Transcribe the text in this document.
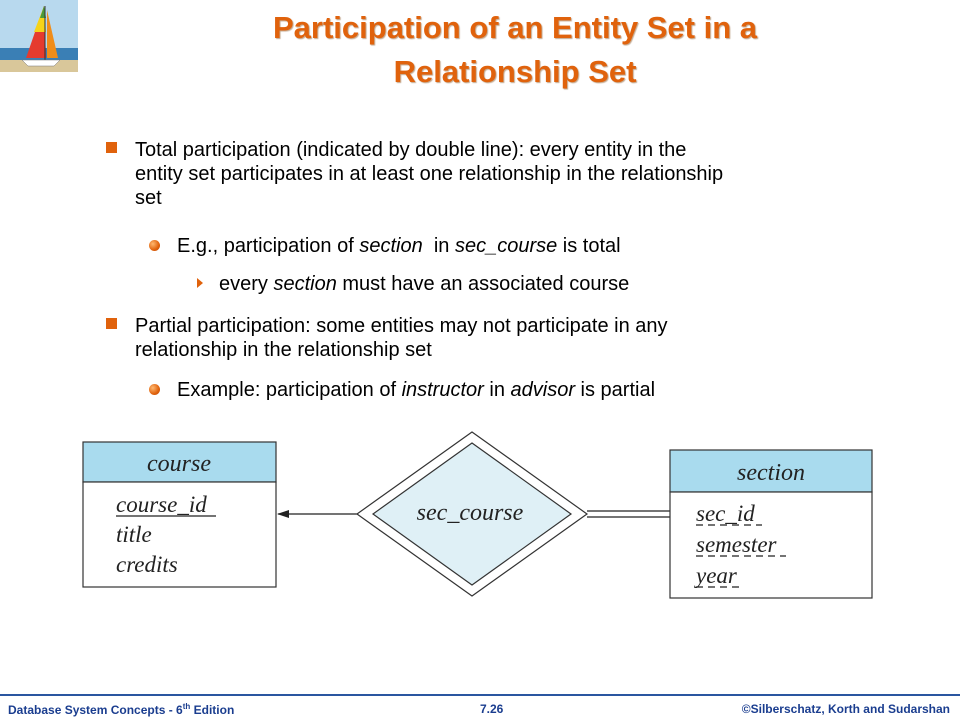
Participation of an Entity Set in a
Relationship Set
Total participation (indicated by double line): every entity in the
entity set participates in at least one relationship in the relationship
set
E.g., participation of section  in sec_course is total
every section must have an associated course
Partial participation: some entities may not participate in any
relationship in the relationship set
Example: participation of instructor in advisor is partial
course
course_id
title
credits
sec_course
section
sec_id
semester
year
Database System Concepts - 6th Edition	7.26	©Silberschatz, Korth and Sudarshan
